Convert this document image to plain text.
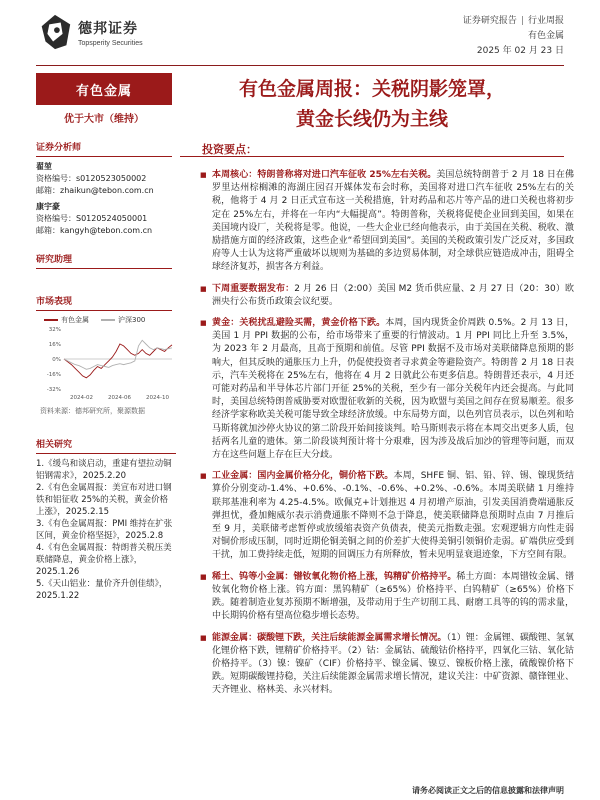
德邦证券
Topsperity Securities
证券研究报告 | 行业周报
有色金属
2025 年 02 月 23 日
有色金属
优于大市（维持）
证券分析师
翟堃
资格编号：s0120523050002
邮箱：zhaikun@tebon.com.cn
康宇豪
资格编号：S0120524050001
邮箱：kangyh@tebon.com.cn
研究助理
市场表现
有色金属	沪深300
32%
16%
0%
-16%
-32%
2024-02	2024-06	2024-10
资料来源：德邦研究所，聚源数据
相关研究
1.《缓鸟和谈启动，重建有望拉动铜铝钢需求》，2025.2.20
2.《有色金属周报：美宣布对进口钢铁和铝征收 25%的关税，黄金价格上涨》，2025.2.15
3.《有色金属周报：PMI 维持在扩张区间，黄金价格坚挺》，2025.2.8
4.《有色金属周报：特朗普关税压美联储降息，黄金价格上涨》，2025.1.26
5.《天山铝业：量价齐升创佳绩》，2025.1.22
有色金属周报：关税阴影笼罩，
黄金长线仍为主线
投资要点：
■ 本周核心：特朗普称将对进口汽车征收 25%左右关税。美国总统特朗普于 2 月 18 日在佛罗里达州棕榈滩的海湖庄园召开媒体发布会时称，美国将对进口汽车征收 25%左右的关税，他将于 4 月 2 日正式宣布这一关税措施，针对药品和芯片等产品的进口关税也将初步定在 25%左右，并将在一年内“大幅提高”。特朗普称，关税将促使企业回到美国，如果在美国境内设厂，关税将是零。他说，一些大企业已经向他表示，由于美国在关税、税收、激励措施方面的经济政策，这些企业“希望回到美国”。美国的关税政策引发广泛反对，多国政府等人士认为这将严重破坏以规则为基础的多边贸易体制，对全球供应链造成冲击，阻碍全球经济复苏，损害各方利益。
■ 下周重要数据发布：2 月 26 日（2:00）美国 M2 货币供应量、2 月 27 日（20：30）欧洲央行公布货币政策会议纪要。
■ 黄金：关税扰乱避险买需，黄金价格下跌。本周，国内现货金价周跌 0.5%。2 月 13 日，美国 1 月 PPI 数据的公布，给市场带来了重要的行情波动。1 月 PPI 同比上升至 3.5%，为 2023 年 2 月最高，且高于预期和前值。尽管 PPI 数据不及市场对美联储降息预期的影响大，但其反映的通胀压力上升，仍促使投资者寻求黄金等避险资产。特朗普 2 月 18 日表示，汽车关税将在 25%左右，他将在 4 月 2 日就此公布更多信息。特朗普还表示，4 月还可能对药品和半导体芯片部门开征 25%的关税，至少有一部分关税年内还会提高。与此同时，美国总统特朗普威胁要对欧盟征收新的关税，因为欧盟与美国之间存在贸易顺差。很多经济学家称欧美关税可能导致全球经济放缓。中东局势方面，以色列官员表示，以色列和哈马斯将就加沙停火协议的第二阶段开始间接谈判。哈马斯则表示将在本周交出更多人质，包括两名儿童的遗体。第二阶段谈判预计将十分艰难，因为涉及战后加沙的管理等问题，而双方在这些问题上存在巨大分歧。
■ 工业金属：国内金属价格分化，铜价格下跌。本周，SHFE 铜、铝、铅、锌、锡、镍现货结算价分别变动-1.4%、+0.6%、-0.1%、-0.6%、+0.2%、-0.6%。本周美联储 1 月维持联邦基准利率为 4.25-4.5%。欧佩克+计划推迟 4 月初增产原油，引发美国消费端通胀反弹担忧，叠加鲍威尔表示消费通胀不降则不急于降息，使美联储降息预期时点由 7 月推后至 9 月，美联储考虑暂停或放缓缩表资产负债表，使美元指数走强。宏观逻辑方向性走弱对铜价形成压制，同时近期伦铜美铜之间的价差扩大使得美铜引领铜价走弱。矿端供应受到干扰，加工费持续走低，短期的回调压力有所释放，暂未见明显衰退迹象，下方空间有限。
■ 稀土、钨等小金属：镨钕氧化物价格上涨，钨精矿价格持平。稀土方面：本周镨钕金属、镨钕氧化物价格上涨。钨方面：黑钨精矿（≥65%）价格持平、白钨精矿（≥65%）价格下跌。随着制造业复苏预期不断增强，及带动用于生产切削工具、耐磨工具等的钨的需求量，中长期钨价格有望高位稳步增长态势。
■ 能源金属：碳酸锂下跌，关注后续能源金属需求增长情况。（1）锂：金属锂、碳酸锂、氢氧化锂价格下跌，锂精矿价格持平。（2）钴：金属钴、硫酸钴价格持平，四氧化三钴、氧化钴价格持平。（3）镍：镍矿（CIF）价格持平、镍金属、镍豆、镍板价格上涨，硫酸镍价格下跌。短期碳酸锂持稳，关注后续能源金属需求增长情况，建议关注：中矿资源、赣锋锂业、天齐锂业、格林美、永兴材料。
请务必阅读正文之后的信息披露和法律声明
